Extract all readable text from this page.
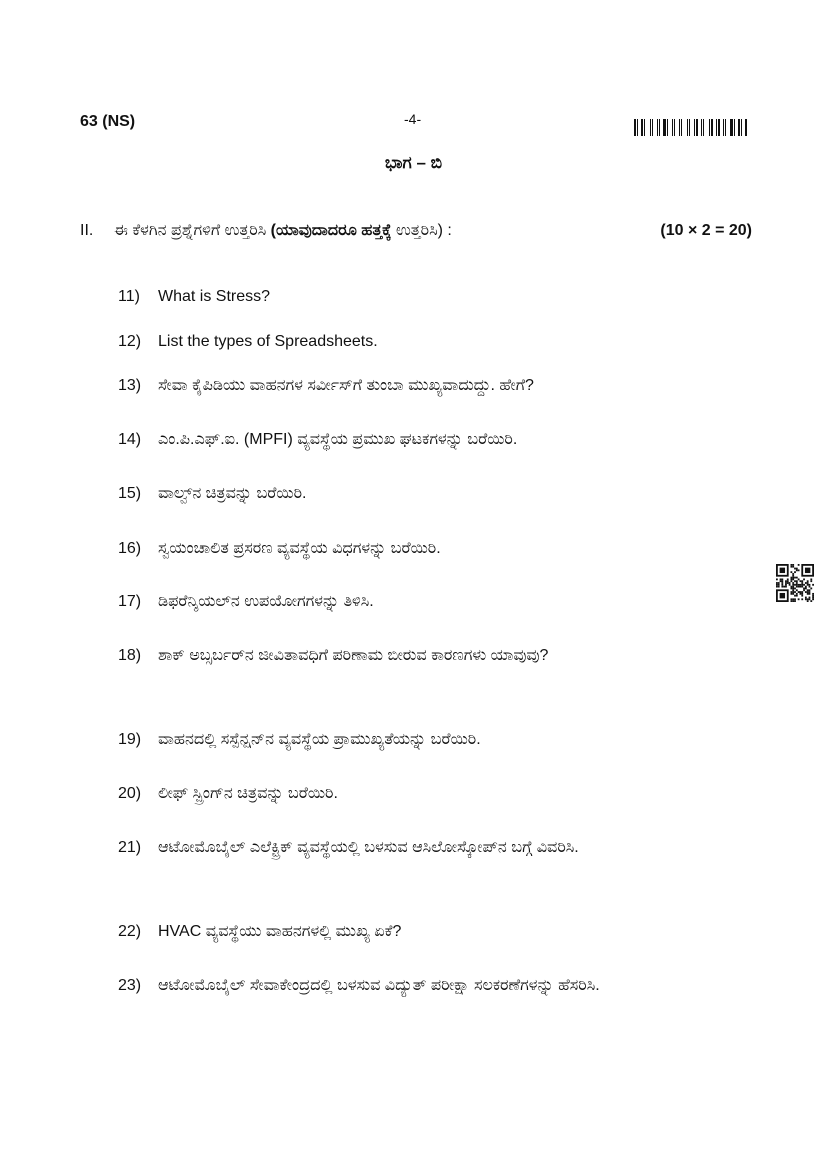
63 (NS)	-4-
ಭಾಗ – ಬಿ
II. ಈ ಕೆಳಗಿನ ಪ್ರಶ್ನೆಗಳಿಗೆ ಉತ್ತರಿಸಿ (ಯಾವುದಾದರೂ ಹತ್ತಕ್ಕೆ ಉತ್ತರಿಸಿ) :	(10 × 2 = 20)
11) What is Stress?
12) List the types of Spreadsheets.
13) ಸೇವಾ ಕೈಪಿಡಿಯು ವಾಹನಗಳ ಸರ್ವೀಸ್‌ಗೆ ತುಂಬಾ ಮುಖ್ಯವಾದುದ್ದು. ಹೇಗೆ?
14) ಎಂ.ಪಿ.ಎಫ್.ಐ. (MPFI) ವ್ಯವಸ್ಥೆಯ ಪ್ರಮುಖ ಘಟಕಗಳನ್ನು ಬರೆಯಿರಿ.
15) ವಾಲ್ವ್‌ನ ಚಿತ್ರವನ್ನು ಬರೆಯಿರಿ.
16) ಸ್ವಯಂಚಾಲಿತ ಪ್ರಸರಣ ವ್ಯವಸ್ಥೆಯ ವಿಧಗಳನ್ನು ಬರೆಯಿರಿ.
17) ಡಿಫರೆನ್ಶಿಯಲ್‌ನ ಉಪಯೋಗಗಳನ್ನು ತಿಳಿಸಿ.
18) ಶಾಕ್ ಅಬ್ಸರ್ಬರ್‌ನ ಜೀವಿತಾವಧಿಗೆ ಪರಿಣಾಮ ಬೀರುವ ಕಾರಣಗಳು ಯಾವುವು?
19) ವಾಹನದಲ್ಲಿ ಸಸ್ಪೆನ್ಷನ್‌ನ ವ್ಯವಸ್ಥೆಯ ಪ್ರಾಮುಖ್ಯತೆಯನ್ನು ಬರೆಯಿರಿ.
20) ಲೀಫ್ ಸ್ಪ್ರಿಂಗ್‌ನ ಚಿತ್ರವನ್ನು ಬರೆಯಿರಿ.
21) ಆಟೋಮೊಬೈಲ್ ಎಲೆಕ್ಟ್ರಿಕ್ ವ್ಯವಸ್ಥೆಯಲ್ಲಿ ಬಳಸುವ ಆಸಿಲೋಸ್ಕೋಪ್‌ನ ಬಗ್ಗೆ ವಿವರಿಸಿ.
22) HVAC ವ್ಯವಸ್ಥೆಯು ವಾಹನಗಳಲ್ಲಿ ಮುಖ್ಯ ಏಕೆ?
23) ಆಟೋಮೊಬೈಲ್ ಸೇವಾಕೇಂದ್ರದಲ್ಲಿ ಬಳಸುವ ವಿದ್ಯುತ್ ಪರೀಕ್ಷಾ ಸಲಕರಣೆಗಳನ್ನು ಹೆಸರಿಸಿ.
